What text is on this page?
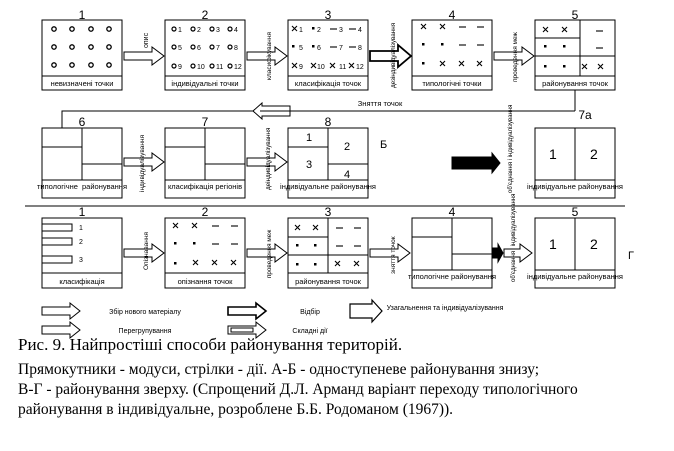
1	2	3	4	5
невизначені точки
опис
1 2 3 4
5 6 7 8
9 10 11 12
індивідуальні точки
класифікування
1 2	3 4
5 6	7 8
9 10 11 12
класифікація точок	дезіндивідуалізування	типологічні точки
проведення меж
районування точок
Зняття точок
6	7	8	7а
типологічне районування індивідуалізування	класифікація регіонів	деіндивідуалізування	1
2
3
4
індивідуальне районування
Б	об'єднання і індивідуалізування	1 2
індивідуальне районування
1	2	3	4	5
1
2
3
класифікація
Опізнавання
опізнання точок
проведення меж
районування точок
зняття точок
типологічне районування об'єднання і індивідуалізування 1 2
індивідуальне районування
Г
Збір нового матеріалу	Відбір
Узагальнення та індивідуалізування
Перегрупування	Складні дії
Рис. 9. Найпростіші способи районування територій.
Прямокутники - модуси, стрілки - дії. А-Б - одноступеневе районування знизу;
В-Г - районування зверху. (Спрощений Д.Л. Арманд варіант переходу типологічного
районування в індивідуальне, розроблене Б.Б. Родоманом (1967)).
